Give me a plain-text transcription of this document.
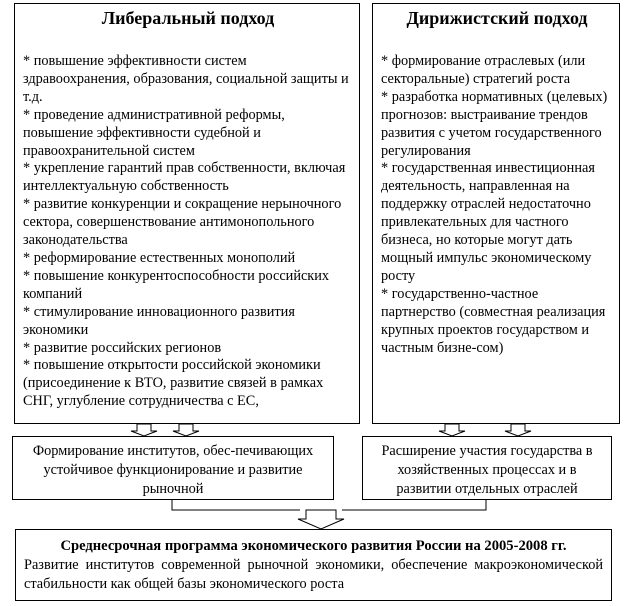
Либеральный подход
* повышение эффективности систем здравоохранения, образования, социальной защиты и т.д.
* проведение административной реформы, повышение эффективности судебной и правоохранительной систем
* укрепление гарантий прав собственности, включая интеллектуальную собственность
* развитие конкуренции и сокращение нерыночного сектора, совершенствование антимонопольного законодательства
* реформирование естественных монополий
* повышение конкурентоспособности российских компаний
* стимулирование инновационного развития экономики
* развитие российских регионов
* повышение открытости российской экономики (присоединение к ВТО, развитие связей в рамках СНГ, углубление сотрудничества с ЕС,
Дирижистский подход
* формирование отраслевых (или секторальные) стратегий роста
* разработка нормативных (целевых) прогнозов: выстраивание трендов развития с учетом государственного регулирования
* государственная инвестиционная деятельность, направленная на поддержку отраслей недостаточно привлекательных для частного бизнеса, но которые могут дать мощный импульс экономическому росту
* государственно-частное партнерство (совместная реализация крупных проектов государством и частным бизне-сом)
Формирование институтов, обес-печивающих устойчивое функционирование и развитие рыночной
Расширение участия государства в хозяйственных процессах и в развитии отдельных отраслей
Среднесрочная программа экономического развития России на 2005-2008 гг.
Развитие институтов современной рыночной экономики, обеспечение макроэкономической стабильности как общей базы экономического роста
